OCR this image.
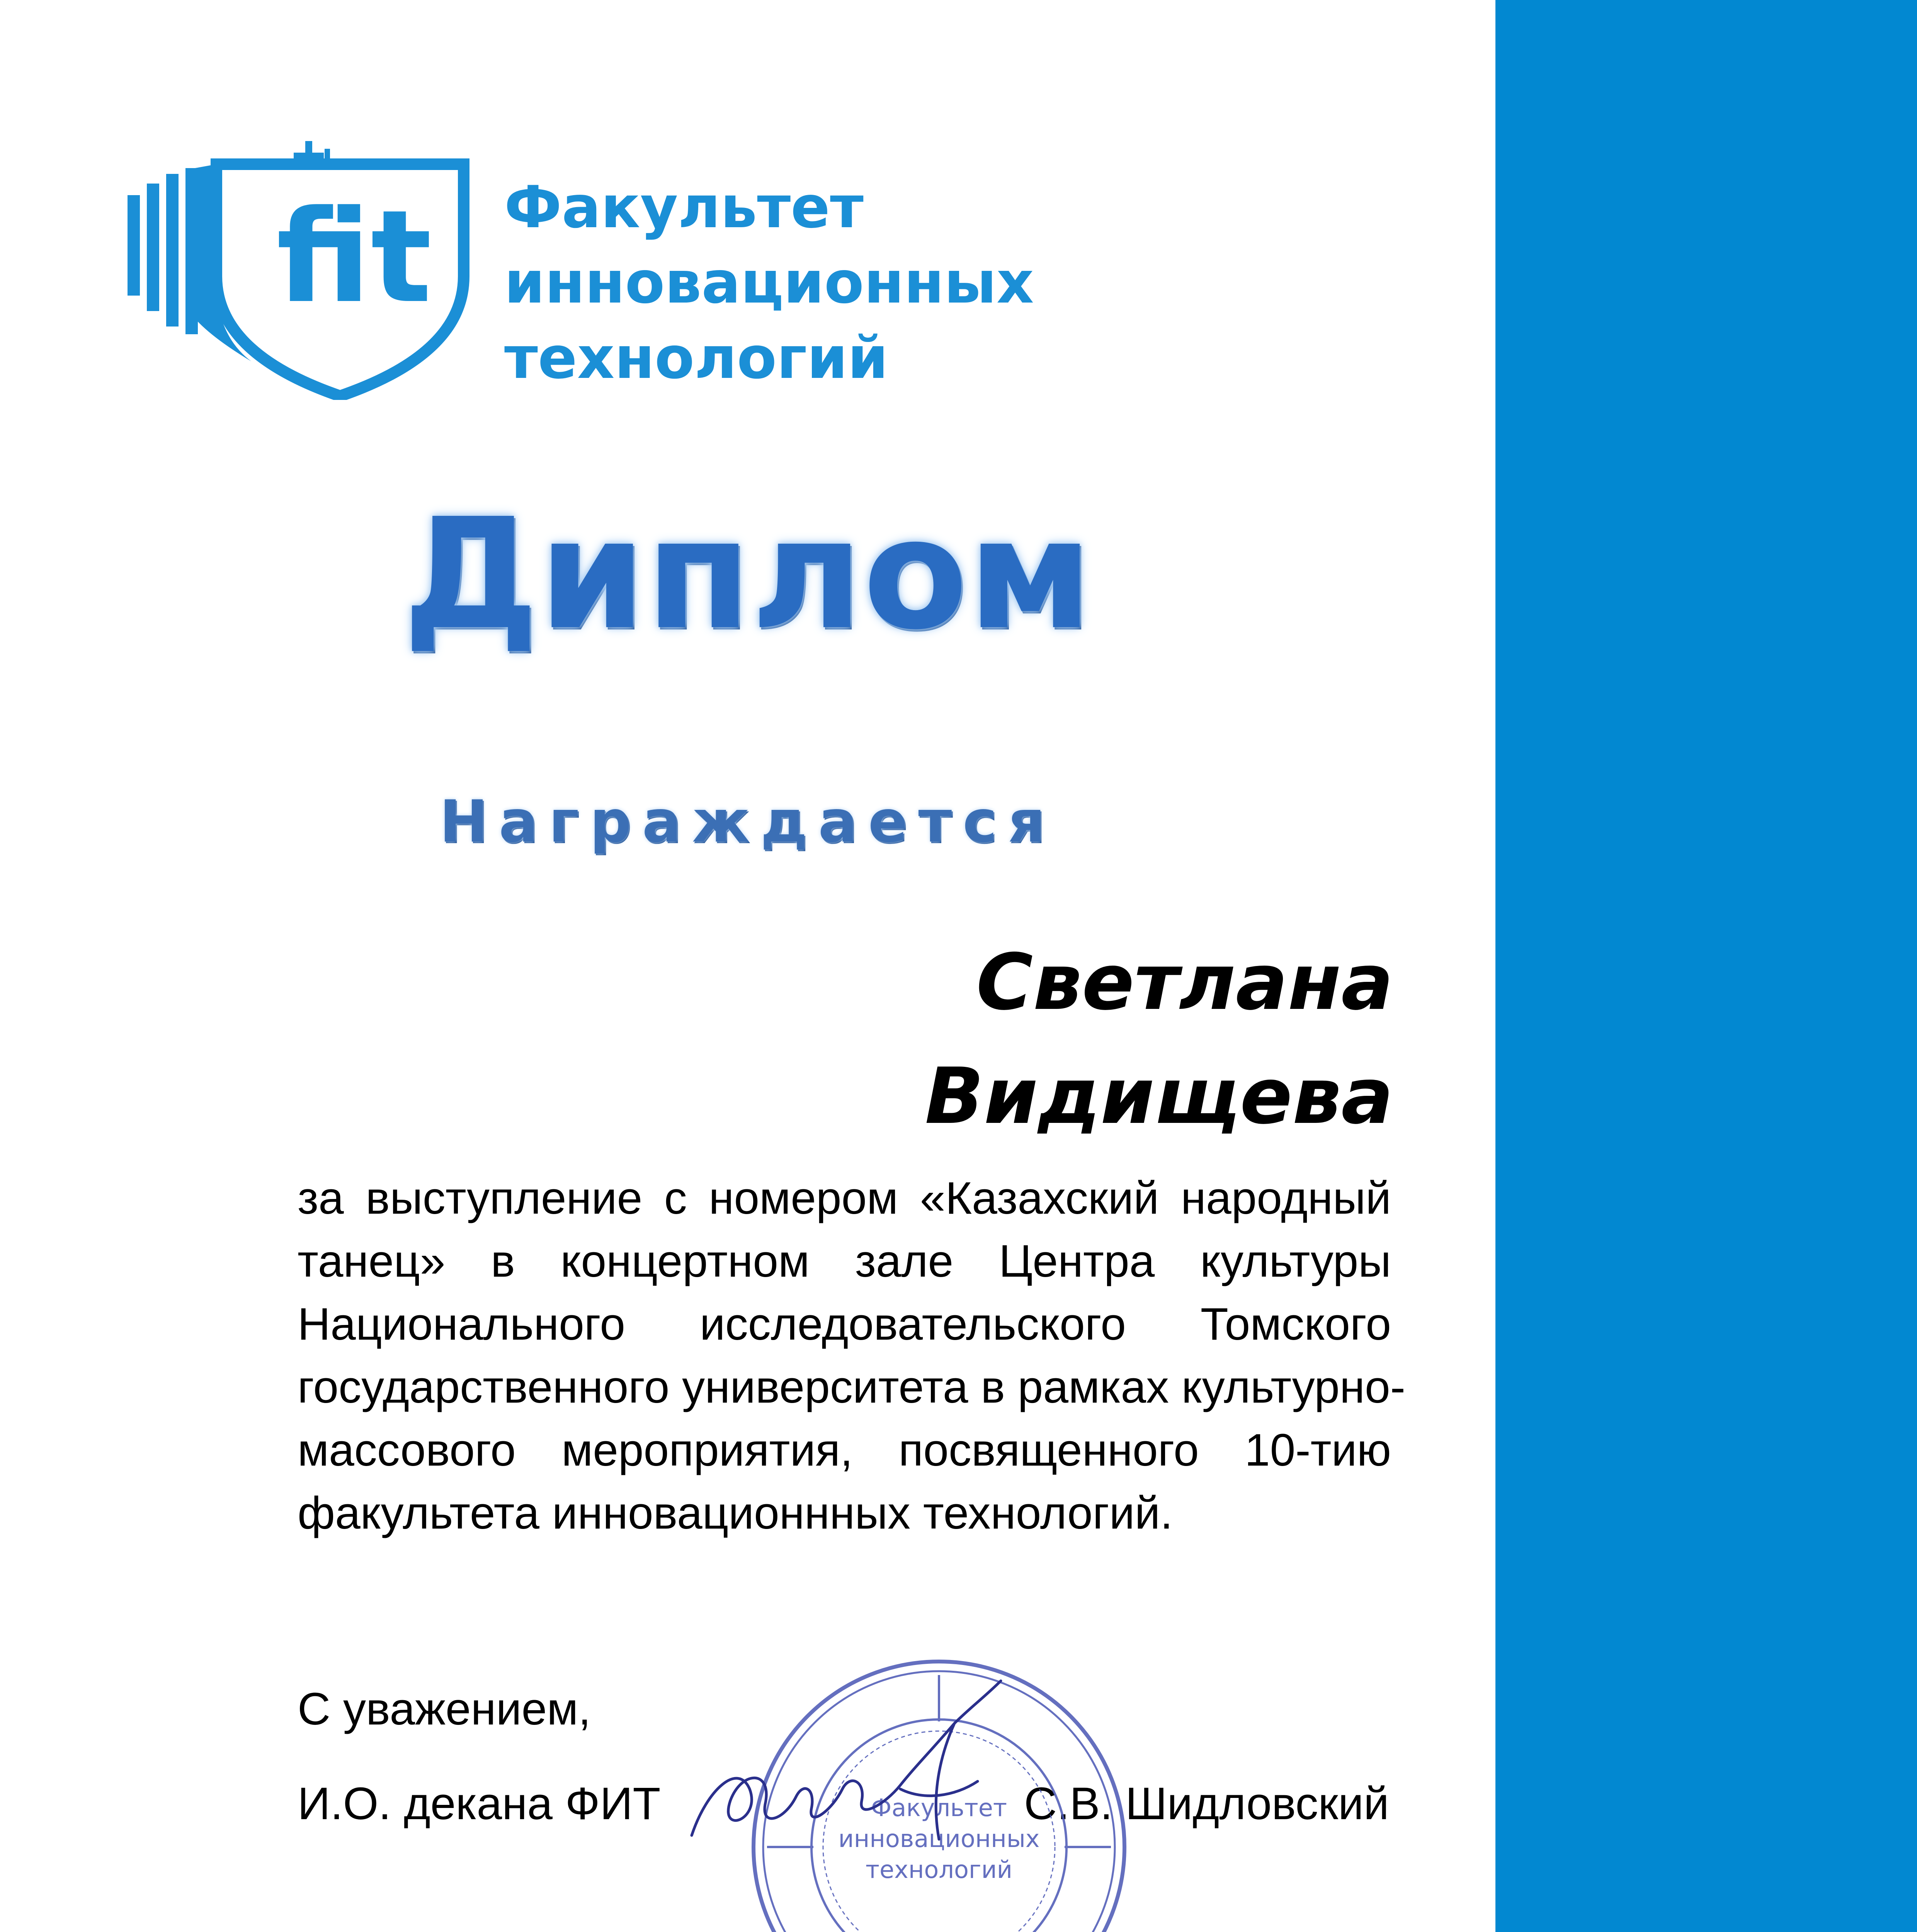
fit Факультет
инновационных
технологий
Диплом
Награждается
Светлана
Видищева
за выступление с номером «Казахский народный
танец» в концертном зале Центра культуры
Национального исследовательского Томского
государственного университета в рамках культурно-
массового мероприятия, посвященного 10-тию
факультета инновационнных технологий.
С уважением,
И.О. декана ФИТ	С.В. Шидловский
Факультет
инновационных
технологий
